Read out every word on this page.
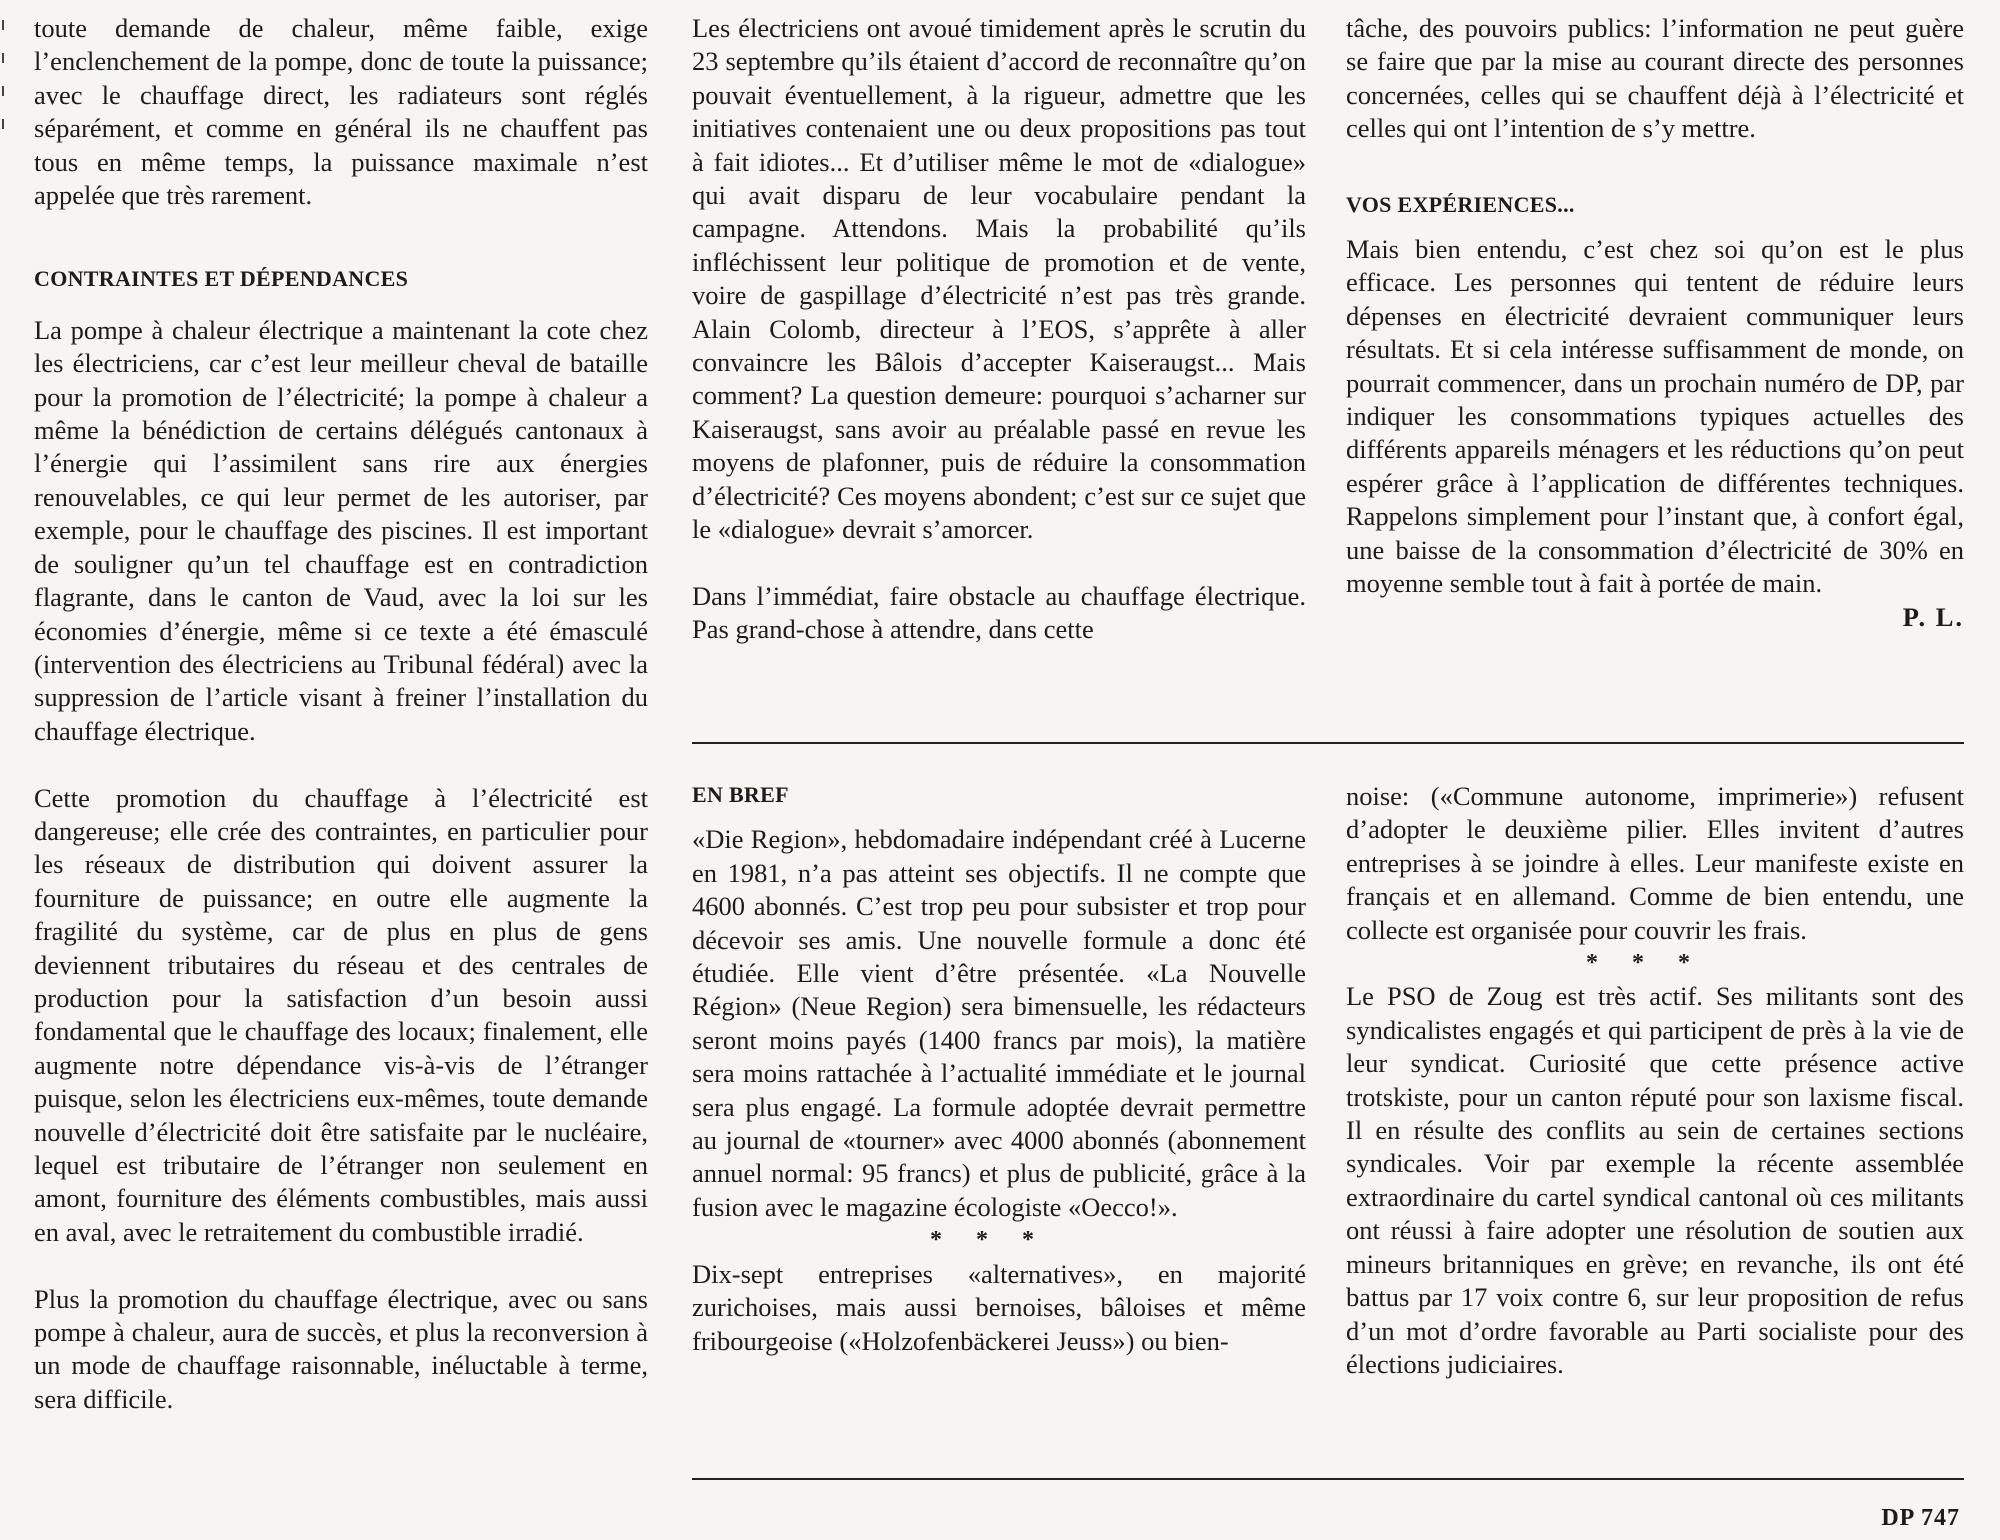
toute demande de chaleur, même faible, exige l’enclenchement de la pompe, donc de toute la puissance; avec le chauffage direct, les radiateurs sont réglés séparément, et comme en général ils ne chauffent pas tous en même temps, la puissance maximale n’est appelée que très rarement.

CONTRAINTES ET DÉPENDANCES

La pompe à chaleur électrique a maintenant la cote chez les électriciens, car c’est leur meilleur cheval de bataille pour la promotion de l’électricité; la pompe à chaleur a même la bénédiction de certains délégués cantonaux à l’énergie qui l’assimilent sans rire aux énergies renouvelables, ce qui leur permet de les autoriser, par exemple, pour le chauffage des piscines. Il est important de souligner qu’un tel chauffage est en contradiction flagrante, dans le canton de Vaud, avec la loi sur les économies d’énergie, même si ce texte a été émasculé (intervention des électriciens au Tribunal fédéral) avec la suppression de l’article visant à freiner l’installation du chauffage électrique.

Cette promotion du chauffage à l’électricité est dangereuse; elle crée des contraintes, en particulier pour les réseaux de distribution qui doivent assurer la fourniture de puissance; en outre elle augmente la fragilité du système, car de plus en plus de gens deviennent tributaires du réseau et des centrales de production pour la satisfaction d’un besoin aussi fondamental que le chauffage des locaux; finalement, elle augmente notre dépendance vis-à-vis de l’étranger puisque, selon les électriciens eux-mêmes, toute demande nouvelle d’électricité doit être satisfaite par le nucléaire, lequel est tributaire de l’étranger non seulement en amont, fourniture des éléments combustibles, mais aussi en aval, avec le retraitement du combustible irradié.

Plus la promotion du chauffage électrique, avec ou sans pompe à chaleur, aura de succès, et plus la reconversion à un mode de chauffage raisonnable, inéluctable à terme, sera difficile.

Les électriciens ont avoué timidement après le scrutin du 23 septembre qu’ils étaient d’accord de reconnaître qu’on pouvait éventuellement, à la rigueur, admettre que les initiatives contenaient une ou deux propositions pas tout à fait idiotes... Et d’utiliser même le mot de «dialogue» qui avait disparu de leur vocabulaire pendant la campagne. Attendons. Mais la probabilité qu’ils infléchissent leur politique de promotion et de vente, voire de gaspillage d’électricité n’est pas très grande. Alain Colomb, directeur à l’EOS, s’apprête à aller convaincre les Bâlois d’accepter Kaiseraugst... Mais comment? La question demeure: pourquoi s’acharner sur Kaiseraugst, sans avoir au préalable passé en revue les moyens de plafonner, puis de réduire la consommation d’électricité? Ces moyens abondent; c’est sur ce sujet que le «dialogue» devrait s’amorcer.

Dans l’immédiat, faire obstacle au chauffage électrique. Pas grand-chose à attendre, dans cette

tâche, des pouvoirs publics: l’information ne peut guère se faire que par la mise au courant directe des personnes concernées, celles qui se chauffent déjà à l’électricité et celles qui ont l’intention de s’y mettre.

VOS EXPÉRIENCES...

Mais bien entendu, c’est chez soi qu’on est le plus efficace. Les personnes qui tentent de réduire leurs dépenses en électricité devraient communiquer leurs résultats. Et si cela intéresse suffisamment de monde, on pourrait commencer, dans un prochain numéro de DP, par indiquer les consommations typiques actuelles des différents appareils ménagers et les réductions qu’on peut espérer grâce à l’application de différentes techniques. Rappelons simplement pour l’instant que, à confort égal, une baisse de la consommation d’électricité de 30% en moyenne semble tout à fait à portée de main.

P. L.
EN BREF

«Die Region», hebdomadaire indépendant créé à Lucerne en 1981, n’a pas atteint ses objectifs. Il ne compte que 4600 abonnés. C’est trop peu pour subsister et trop pour décevoir ses amis. Une nouvelle formule a donc été étudiée. Elle vient d’être présentée. «La Nouvelle Région» (Neue Region) sera bimensuelle, les rédacteurs seront moins payés (1400 francs par mois), la matière sera moins rattachée à l’actualité immédiate et le journal sera plus engagé. La formule adoptée devrait permettre au journal de «tourner» avec 4000 abonnés (abonnement annuel normal: 95 francs) et plus de publicité, grâce à la fusion avec le magazine écologiste «Oecco!».

***

Dix-sept entreprises «alternatives», en majorité zurichoises, mais aussi bernoises, bâloises et même fribourgeoise («Holzofenbäckerei Jeuss») ou bien-

noise: («Commune autonome, imprimerie») refusent d’adopter le deuxième pilier. Elles invitent d’autres entreprises à se joindre à elles. Leur manifeste existe en français et en allemand. Comme de bien entendu, une collecte est organisée pour couvrir les frais.

***

Le PSO de Zoug est très actif. Ses militants sont des syndicalistes engagés et qui participent de près à la vie de leur syndicat. Curiosité que cette présence active trotskiste, pour un canton réputé pour son laxisme fiscal. Il en résulte des conflits au sein de certaines sections syndicales. Voir par exemple la récente assemblée extraordinaire du cartel syndical cantonal où ces militants ont réussi à faire adopter une résolution de soutien aux mineurs britanniques en grève; en revanche, ils ont été battus par 17 voix contre 6, sur leur proposition de refus d’un mot d’ordre favorable au Parti socialiste pour des élections judiciaires.

DP 747
